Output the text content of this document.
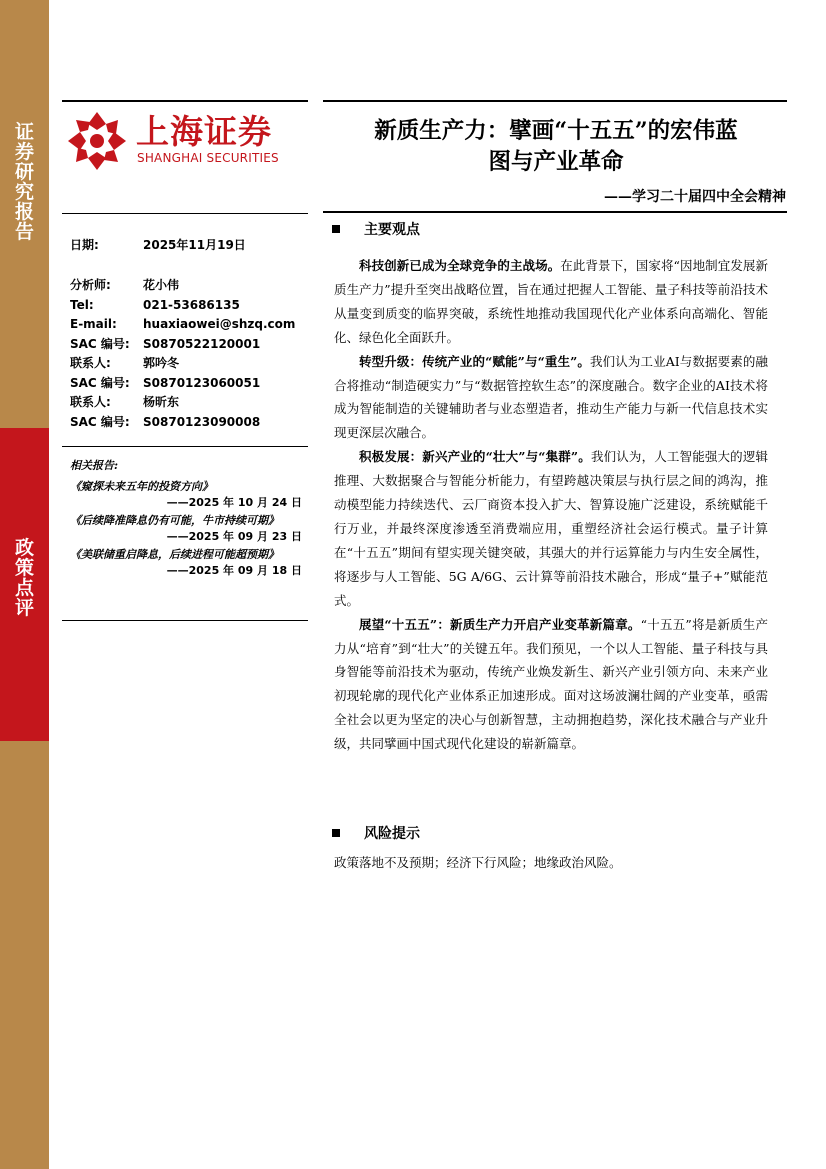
证
券
研
究
报
告
政
策
点
评
上海证券
SHANGHAI SECURITIES
新质生产力：擘画“十五五”的宏伟蓝
图与产业革命
——学习二十届四中全会精神
日期:	2025年11月19日
分析师:	花小伟
Tel:	021-53686135
E-mail:	huaxiaowei@shzq.com
SAC 编号:	S0870522120001
联系人:	郭吟冬
SAC 编号:	S0870123060051
联系人:	杨昕东
SAC 编号:	S0870123090008
相关报告:
《窥探未来五年的投资方向》
——2025 年 10 月 24 日
《后续降准降息仍有可能，牛市持续可期》
——2025 年 09 月 23 日
《美联储重启降息，后续进程可能超预期》
——2025 年 09 月 18 日
主要观点

科技创新已成为全球竞争的主战场。在此背景下，国家将“因地制宜发展新质生产力”提升至突出战略位置，旨在通过把握人工智能、量子科技等前沿技术从量变到质变的临界突破，系统性地推动我国现代化产业体系向高端化、智能化、绿色化全面跃升。

转型升级：传统产业的“赋能”与“重生”。我们认为工业AI与数据要素的融合将推动“制造硬实力”与“数据管控软生态”的深度融合。数字企业的AI技术将成为智能制造的关键辅助者与业态塑造者，推动生产能力与新一代信息技术实现更深层次融合。

积极发展：新兴产业的“壮大”与“集群”。我们认为，人工智能强大的逻辑推理、大数据聚合与智能分析能力，有望跨越决策层与执行层之间的鸿沟，推动模型能力持续迭代、云厂商资本投入扩大、智算设施广泛建设，系统赋能千行万业，并最终深度渗透至消费端应用，重塑经济社会运行模式。量子计算在“十五五”期间有望实现关键突破，其强大的并行运算能力与内生安全属性，将逐步与人工智能、5G A/6G、云计算等前沿技术融合，形成“量子+”赋能范式。

展望“十五五”：新质生产力开启产业变革新篇章。“十五五”将是新质生产力从“培育”到“壮大”的关键五年。我们预见，一个以人工智能、量子科技与具身智能等前沿技术为驱动，传统产业焕发新生、新兴产业引领方向、未来产业初现轮廓的现代化产业体系正加速形成。面对这场波澜壮阔的产业变革，亟需全社会以更为坚定的决心与创新智慧，主动拥抱趋势，深化技术融合与产业升级，共同擘画中国式现代化建设的崭新篇章。

风险提示
政策落地不及预期；经济下行风险；地缘政治风险。
